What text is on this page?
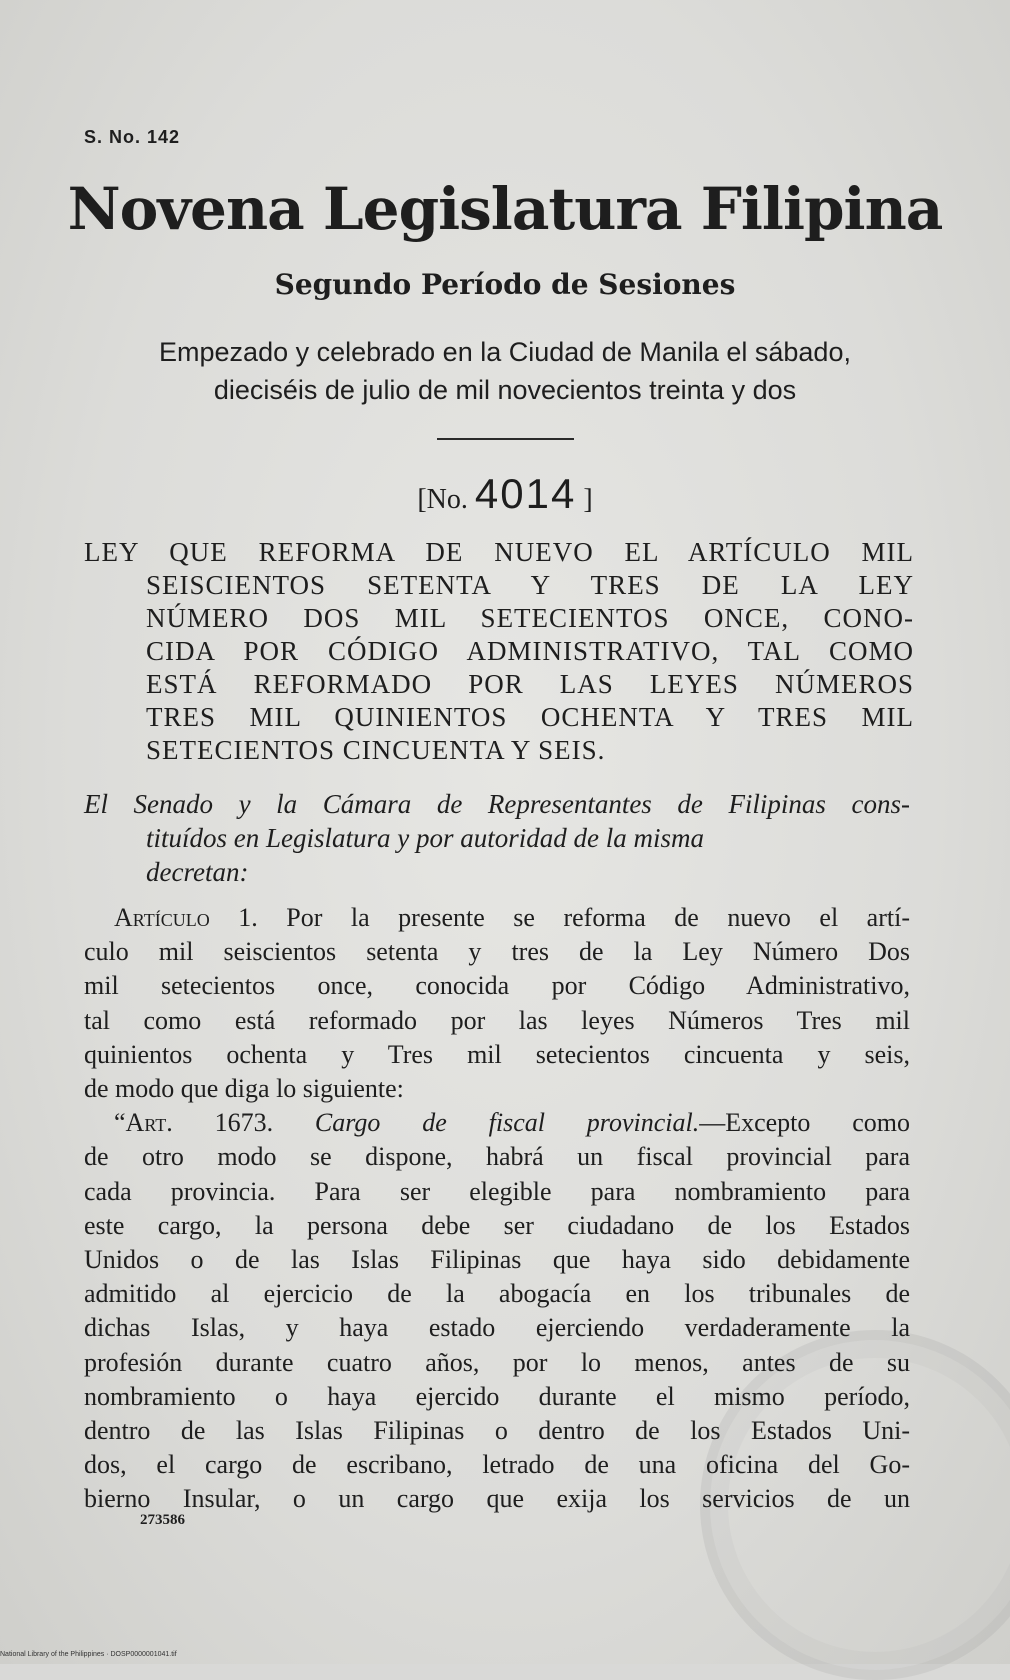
S. No. 142
Novena Legislatura Filipina
Segundo Período de Sesiones
Empezado y celebrado en la Ciudad de Manila el sábado,
dieciséis de julio de mil novecientos treinta y dos
[No. 4014 ]
LEY QUE REFORMA DE NUEVO EL ARTÍCULO MIL
SEISCIENTOS SETENTA Y TRES DE LA LEY
NÚMERO DOS MIL SETECIENTOS ONCE, CONO-
CIDA POR CÓDIGO ADMINISTRATIVO, TAL COMO
ESTÁ REFORMADO POR LAS LEYES NÚMEROS
TRES MIL QUINIENTOS OCHENTA Y TRES MIL
SETECIENTOS CINCUENTA Y SEIS.
El Senado y la Cámara de Representantes de Filipinas cons-
tituídos en Legislatura y por autoridad de la misma
decretan:
Artículo 1. Por la presente se reforma de nuevo el artí-
culo mil seiscientos setenta y tres de la Ley Número Dos
mil setecientos once, conocida por Código Administrativo,
tal como está reformado por las leyes Números Tres mil
quinientos ochenta y Tres mil setecientos cincuenta y seis,
de modo que diga lo siguiente:
“Art. 1673. Cargo de fiscal provincial.—Excepto como
de otro modo se dispone, habrá un fiscal provincial para
cada provincia. Para ser elegible para nombramiento para
este cargo, la persona debe ser ciudadano de los Estados
Unidos o de las Islas Filipinas que haya sido debidamente
admitido al ejercicio de la abogacía en los tribunales de
dichas Islas, y haya estado ejerciendo verdaderamente la
profesión durante cuatro años, por lo menos, antes de su
nombramiento o haya ejercido durante el mismo período,
dentro de las Islas Filipinas o dentro de los Estados Uni-
dos, el cargo de escribano, letrado de una oficina del Go-
bierno Insular, o un cargo que exija los servicios de un
273586
National Library of the Philippines · DOSP0000001041.tif
